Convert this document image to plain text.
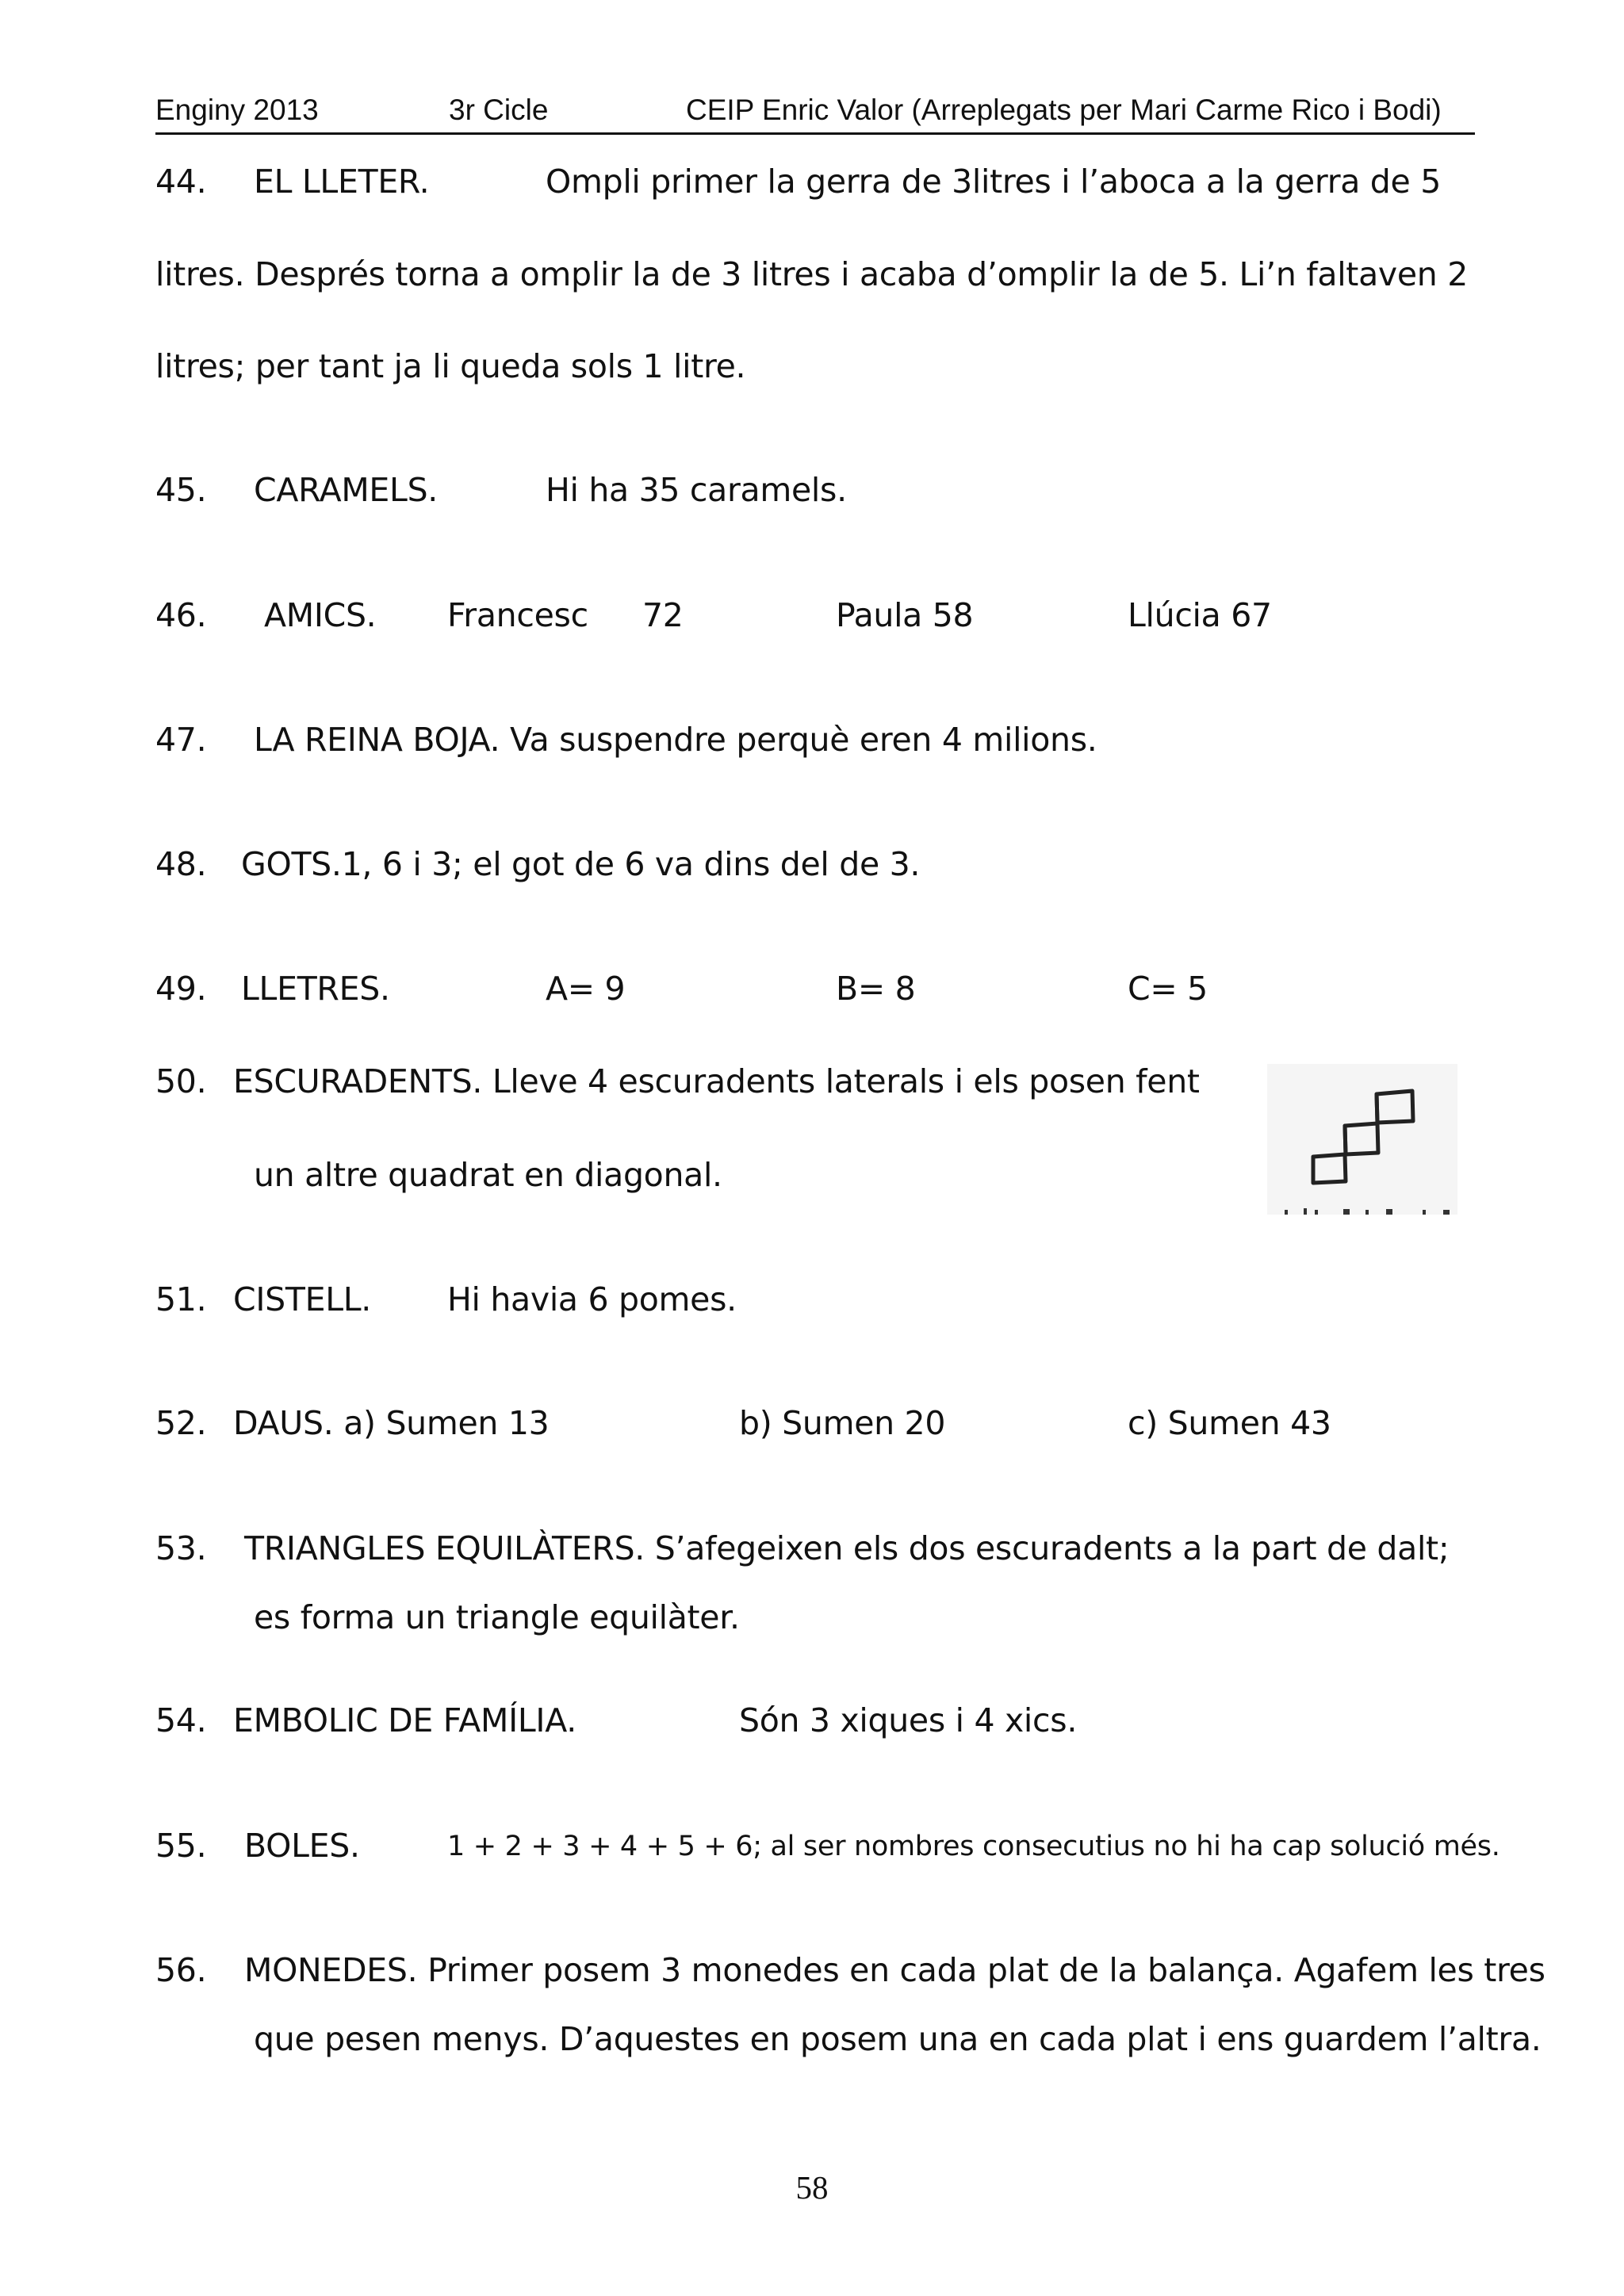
Enginy 2013	3r Cicle	CEIP Enric Valor (Arreplegats per Mari Carme Rico i Bodi)
44. EL LLETER.	Ompli primer la gerra de 3litres i l’aboca a la gerra de 5
litres. Després torna a omplir la de 3 litres i acaba d’omplir la de 5. Li’n faltaven 2
litres; per tant ja li queda sols 1 litre.
45. CARAMELS.	Hi ha 35 caramels.
46. AMICS. Francesc 72	Paula 58	Llúcia 67
47. LA REINA BOJA. Va suspendre perquè eren 4 milions.
48. GOTS.1, 6 i 3; el got de 6 va dins del de 3.
49. LLETRES.	A= 9	B= 8	C= 5
50. ESCURADENTS. Lleve 4 escuradents laterals i els posen fent
un altre quadrat en diagonal.
51. CISTELL. Hi havia 6 pomes.
52. DAUS. a) Sumen 13	b) Sumen 20	c) Sumen 43
53. TRIANGLES EQUILÀTERS. S’afegeixen els dos escuradents a la part de dalt;
es forma un triangle equilàter.
54. EMBOLIC DE FAMÍLIA.	Són 3 xiques i 4 xics.
55. BOLES.	1 + 2 + 3 + 4 + 5 + 6; al ser nombres consecutius no hi ha cap solució més.
56. MONEDES. Primer posem 3 monedes en cada plat de la balança. Agafem les tres
que pesen menys. D’aquestes en posem una en cada plat i ens guardem l’altra.
58
